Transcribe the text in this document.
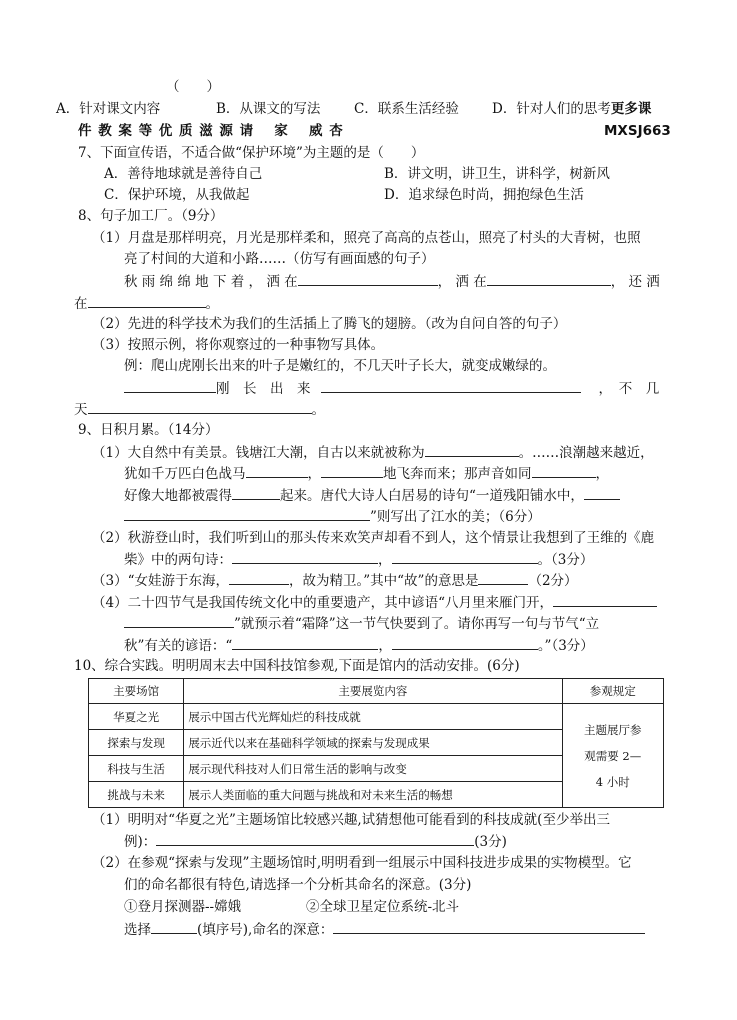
（　　）
A．针对课文内容	B．从课文的写法 C．联系生活经验 D．针对人们的思考更多课
件 教 案 等 优 质 滋 源 请　 家　 威 杏	MXSJ663
7、下面宣传语，不适合做“保护环境”为主题的是（　　）
A．善待地球就是善待自己	B．讲文明，讲卫生，讲科学，树新风
C．保护环境，从我做起	D．追求绿色时尚，拥抱绿色生活
8、句子加工厂。（9分）
（1）月盘是那样明亮，月光是那样柔和，照亮了高高的点苍山，照亮了村头的大青树，也照
亮了村间的大道和小路……（仿写有画面感的句子）
秋 雨 绵 绵 地 下 着 ， 洒 在	， 洒 在	， 还 洒
在	。
（2）先进的科学技术为我们的生活插上了腾飞的翅膀。（改为自问自答的句子）
（3）按照示例，将你观察过的一种事物写具体。
例：爬山虎刚长出来的叶子是嫩红的，不几天叶子长大，就变成嫩绿的。
刚　长　出　来	，　不　几
天	。
9、日积月累。（14分）
（1）大自然中有美景。钱塘江大潮，自古以来就被称为	。……浪潮越来越近，
犹如千万匹白色战马	，	地飞奔而来；那声音如同	，
好像大地都被震得	起来。唐代大诗人白居易的诗句“一道残阳铺水中，
”则写出了江水的美；（6分）
（2）秋游登山时，我们听到山的那头传来欢笑声却看不到人，这个情景让我想到了王维的《鹿
柴》中的两句诗：	，	。（3分）
（3）“女娃游于东海，	，故为精卫。”其中“故”的意思是	（2分）
（4）二十四节气是我国传统文化中的重要遗产，其中谚语“八月里来雁门开，
”就预示着“霜降”这一节气快要到了。请你再写一句与节气“立
秋”有关的谚语：“	，	。”（3分）
10、综合实践。明明周末去中国科技馆参观,下面是馆内的活动安排。(6分)
主要场馆	主要展览内容	参观规定
华夏之光	展示中国古代光辉灿烂的科技成就	主题展厅参
观需要 2—
4 小时

探索与发现	展示近代以来在基础科学领域的探索与发现成果	
科技与生活	展示现代科技对人们日常生活的影响与改变	
挑战与未来	展示人类面临的重大问题与挑战和对未来生活的畅想	
（1）明明对“华夏之光”主题场馆比较感兴趣,试猜想他可能看到的科技成就(至少举出三
例)：	(3分)
（2）在参观“探索与发现”主题场馆时,明明看到一组展示中国科技进步成果的实物模型。它
们的命名都很有特色,请选择一个分析其命名的深意。(3分)
①登月探测器--嫦娥	②全球卫星定位系统-北斗
选择	(填序号),命名的深意：
